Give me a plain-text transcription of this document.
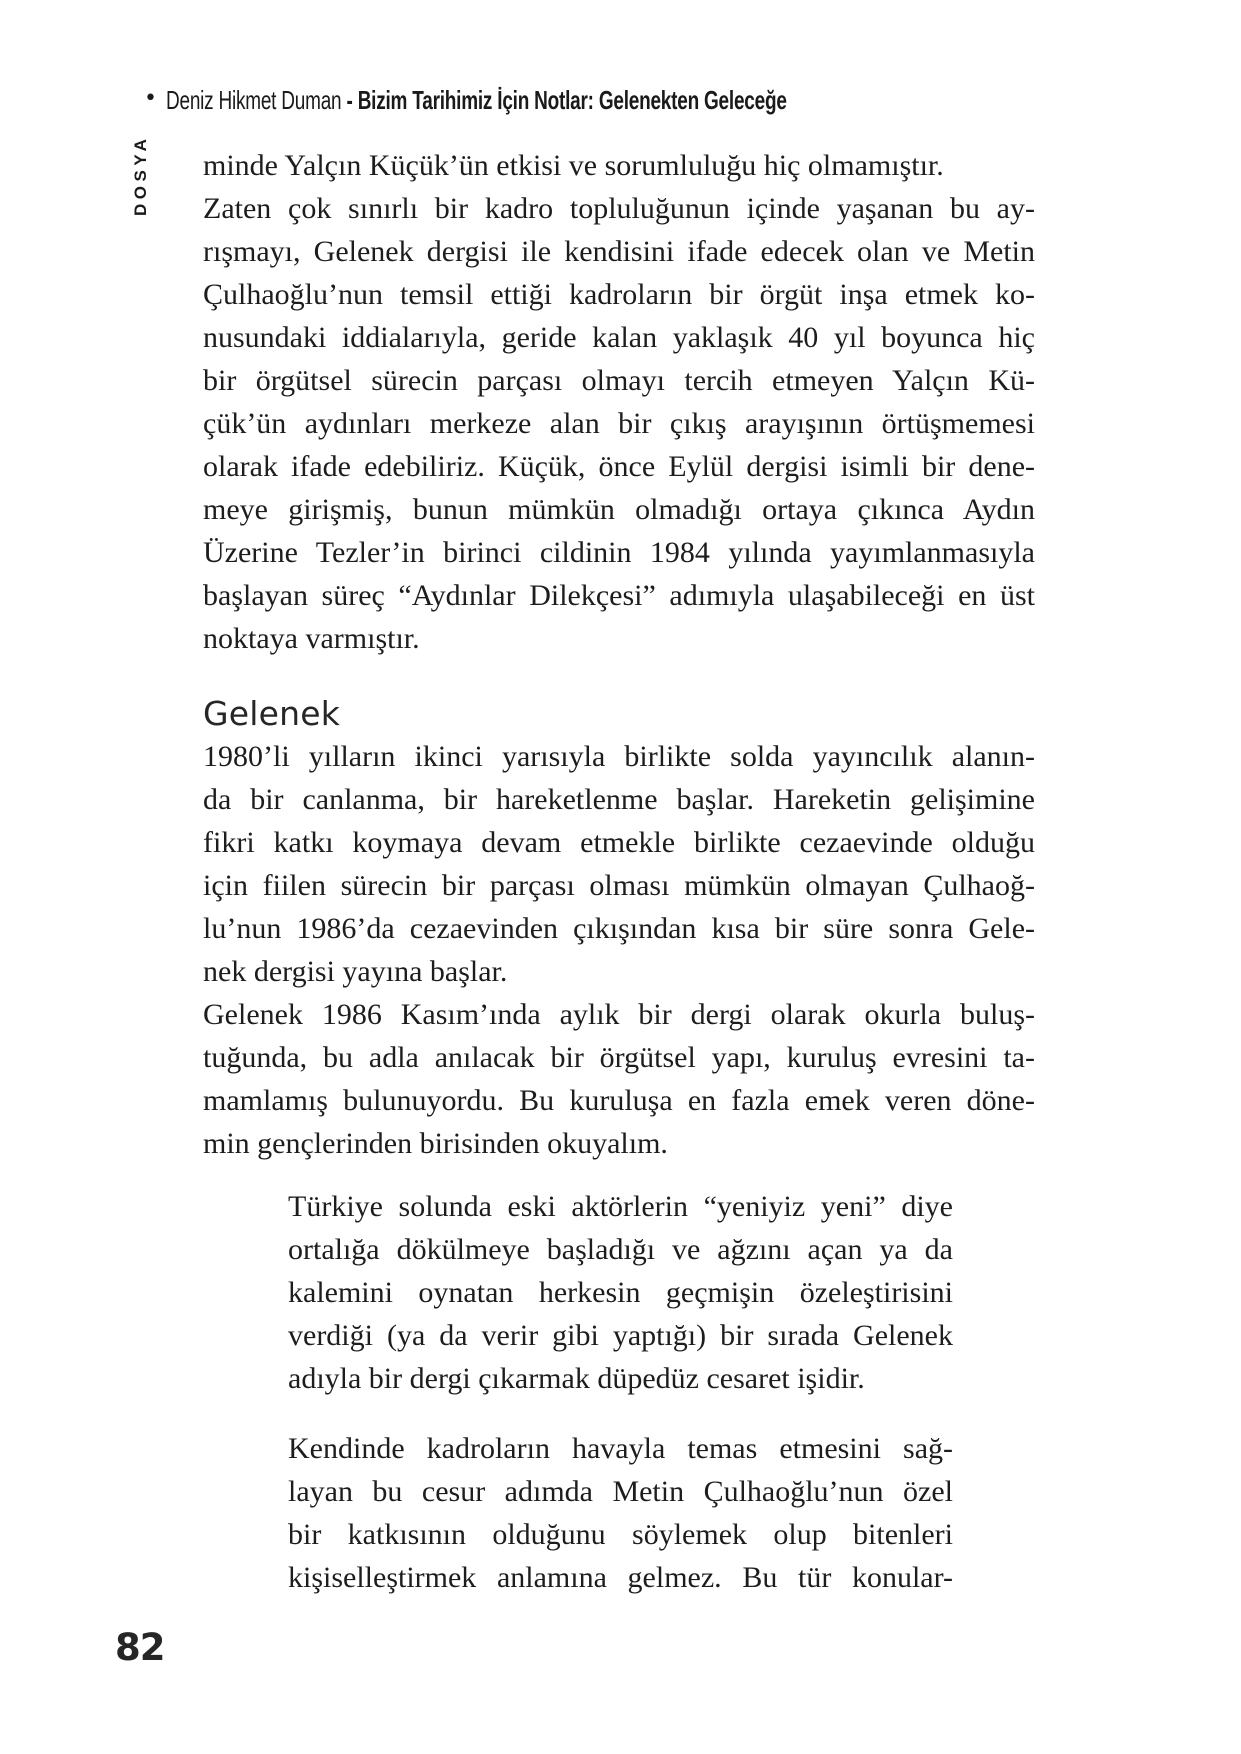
• Deniz Hikmet Duman - Bizim Tarihimiz İçin Notlar: Gelenekten Geleceğe
DOSYA minde Yalçın Küçük’ün etkisi ve sorumluluğu hiç olmamıştır.
Zaten çok sınırlı bir kadro topluluğunun içinde yaşanan bu ay-
rışmayı, Gelenek dergisi ile kendisini ifade edecek olan ve Metin
Çulhaoğlu’nun temsil ettiği kadroların bir örgüt inşa etmek ko-
nusundaki iddialarıyla, geride kalan yaklaşık 40 yıl boyunca hiç
bir örgütsel sürecin parçası olmayı tercih etmeyen Yalçın Kü-
çük’ün aydınları merkeze alan bir çıkış arayışının örtüşmemesi
olarak ifade edebiliriz. Küçük, önce Eylül dergisi isimli bir dene-
meye girişmiş, bunun mümkün olmadığı ortaya çıkınca Aydın
Üzerine Tezler’in birinci cildinin 1984 yılında yayımlanmasıyla
başlayan süreç “Aydınlar Dilekçesi” adımıyla ulaşabileceği en üst
noktaya varmıştır.
Gelenek
1980’li yılların ikinci yarısıyla birlikte solda yayıncılık alanın-
da bir canlanma, bir hareketlenme başlar. Hareketin gelişimine
fikri katkı koymaya devam etmekle birlikte cezaevinde olduğu
için fiilen sürecin bir parçası olması mümkün olmayan Çulhaoğ-
lu’nun 1986’da cezaevinden çıkışından kısa bir süre sonra Gele-
nek dergisi yayına başlar.
Gelenek 1986 Kasım’ında aylık bir dergi olarak okurla buluş-
tuğunda, bu adla anılacak bir örgütsel yapı, kuruluş evresini ta-
mamlamış bulunuyordu. Bu kuruluşa en fazla emek veren döne-
min gençlerinden birisinden okuyalım.
Türkiye solunda eski aktörlerin “yeniyiz yeni” diye
ortalığa dökülmeye başladığı ve ağzını açan ya da
kalemini oynatan herkesin geçmişin özeleştirisini
verdiği (ya da verir gibi yaptığı) bir sırada Gelenek
adıyla bir dergi çıkarmak düpedüz cesaret işidir.
Kendinde kadroların havayla temas etmesini sağ-
layan bu cesur adımda Metin Çulhaoğlu’nun özel
bir katkısının olduğunu söylemek olup bitenleri
kişiselleştirmek anlamına gelmez. Bu tür konular-
82
